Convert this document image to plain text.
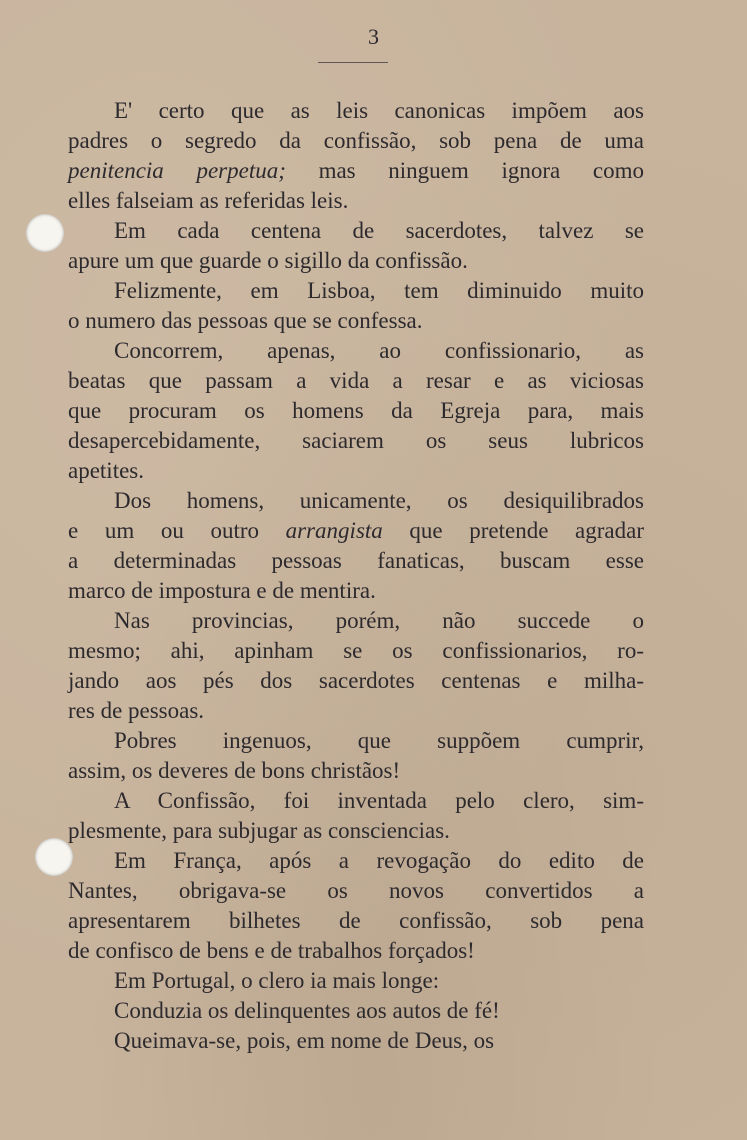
3
E' certo que as leis canonicas impõem aos
padres o segredo da confissão, sob pena de uma
penitencia perpetua; mas ninguem ignora como
elles falseiam as referidas leis.
Em cada centena de sacerdotes, talvez se
apure um que guarde o sigillo da confissão.
Felizmente, em Lisboa, tem diminuido muito
o numero das pessoas que se confessa.
Concorrem, apenas, ao confissionario, as
beatas que passam a vida a resar e as viciosas
que procuram os homens da Egreja para, mais
desapercebidamente, saciarem os seus lubricos
apetites.
Dos homens, unicamente, os desiquilibrados
e um ou outro arrangista que pretende agradar
a determinadas pessoas fanaticas, buscam esse
marco de impostura e de mentira.
Nas provincias, porém, não succede o
mesmo; ahi, apinham se os confissionarios, ro-
jando aos pés dos sacerdotes centenas e milha-
res de pessoas.
Pobres ingenuos, que suppõem cumprir,
assim, os deveres de bons christãos!
A Confissão, foi inventada pelo clero, sim-
plesmente, para subjugar as consciencias.
Em França, após a revogação do edito de
Nantes, obrigava-se os novos convertidos a
apresentarem bilhetes de confissão, sob pena
de confisco de bens e de trabalhos forçados!
Em Portugal, o clero ia mais longe:
Conduzia os delinquentes aos autos de fé!
Queimava-se, pois, em nome de Deus, os
